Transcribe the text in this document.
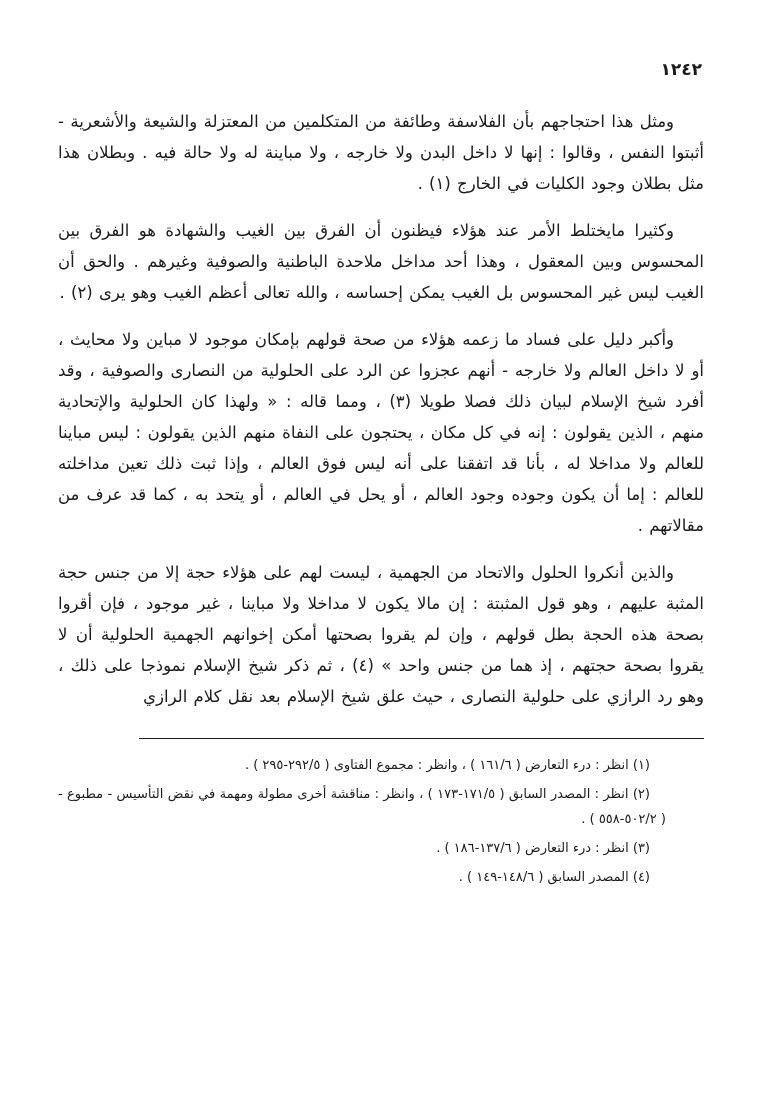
١٢٤٢

ومثل هذا احتجاجهم بأن الفلاسفة وطائفة من المتكلمين من المعتزلة والشيعة والأشعرية - أثبتوا النفس ، وقالوا : إنها لا داخل البدن ولا خارجه ، ولا مباينة له ولا حالة فيه . وبطلان هذا مثل بطلان وجود الكليات في الخارج (١) .

وكثيرا مايختلط الأمر عند هؤلاء فيظنون أن الفرق بين الغيب والشهادة هو الفرق بين المحسوس وبين المعقول ، وهذا أحد مداخل ملاحدة الباطنية والصوفية وغيرهم . والحق أن الغيب ليس غير المحسوس بل الغيب يمكن إحساسه ، والله تعالى أعظم الغيب وهو يرى (٢) .

وأكبر دليل على فساد ما زعمه هؤلاء من صحة قولهم بإمكان موجود لا مباين ولا محايث ، أو لا داخل العالم ولا خارجه - أنهم عجزوا عن الرد على الحلولية من النصارى والصوفية ، وقد أفرد شيخ الإسلام لبيان ذلك فصلا طويلا (٣) ، ومما قاله : « ولهذا كان الحلولية والإتحادية منهم ، الذين يقولون : إنه في كل مكان ، يحتجون على النفاة منهم الذين يقولون : ليس مباينا للعالم ولا مداخلا له ، بأنا قد اتفقنا على أنه ليس فوق العالم ، وإذا ثبت ذلك تعين مداخلته للعالم : إما أن يكون وجوده وجود العالم ، أو يحل في العالم ، أو يتحد به ، كما قد عرف من مقالاتهم .

والذين أنكروا الحلول والاتحاد من الجهمية ، ليست لهم على هؤلاء حجة إلا من جنس حجة المثبة عليهم ، وهو قول المثبتة : إن مالا يكون لا مداخلا ولا مباينا ، غير موجود ، فإن أقروا بصحة هذه الحجة بطل قولهم ، وإن لم يقروا بصحتها أمكن إخوانهم الجهمية الحلولية أن لا يقروا بصحة حجتهم ، إذ هما من جنس واحد » (٤) ، ثم ذكر شيخ الإسلام نموذجا على ذلك ، وهو رد الرازي على حلولية النصارى ، حيث علق شيخ الإسلام بعد نقل كلام الرازي

(١) انظر : درء التعارض ( ١٦١/٦ ) ، وانظر : مجموع الفتاوى ( ٢٩٢/٥-٢٩٥ ) .

(٢) انظر : المصدر السابق ( ١٧١/٥-١٧٣ ) ، وانظر : مناقشة أخرى مطولة ومهمة في نقض التأسيس - مطبوع - ( ٥٠٢/٢-٥٥٨ ) .

(٣) انظر : درء التعارض ( ١٣٧/٦-١٨٦ ) .

(٤) المصدر السابق ( ١٤٨/٦-١٤٩ ) .
